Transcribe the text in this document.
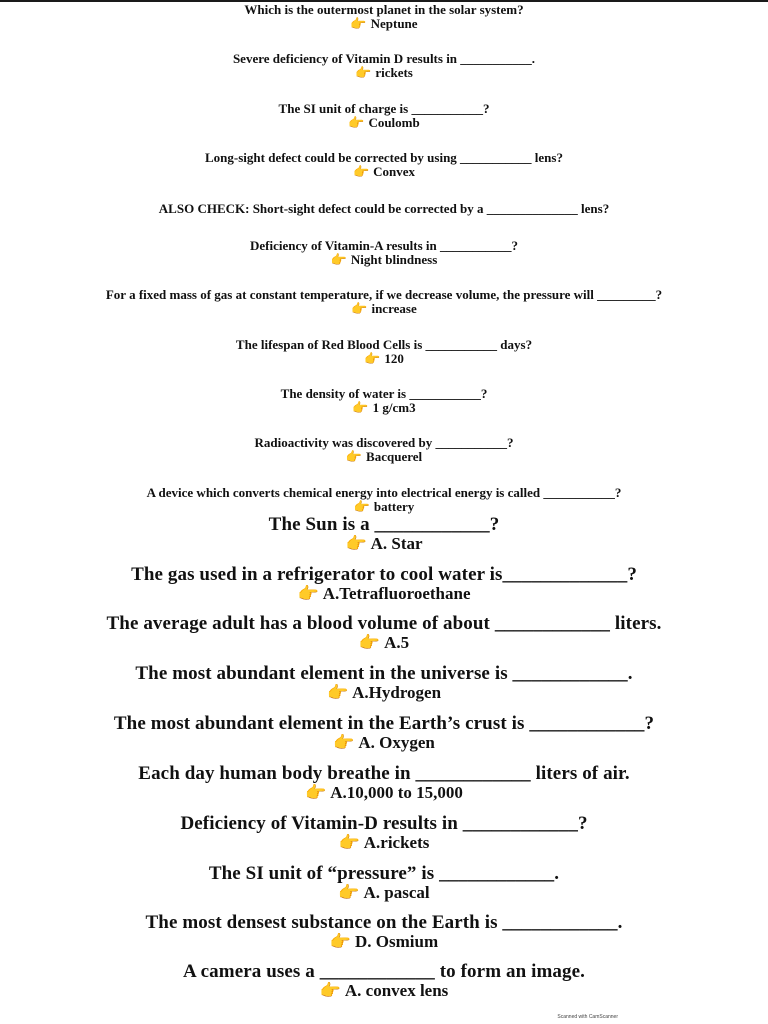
Which is the outermost planet in the solar system?
👉 Neptune
Severe deficiency of Vitamin D results in ___________.
👉 rickets
The SI unit of charge is ___________?
👉 Coulomb
Long-sight defect could be corrected by using ___________ lens?
👉 Convex
ALSO CHECK: Short-sight defect could be corrected by a ______________ lens?
Deficiency of Vitamin-A results in ___________?
👉 Night blindness
For a fixed mass of gas at constant temperature, if we decrease volume, the pressure will _________?
👉 increase
The lifespan of Red Blood Cells is ___________ days?
👉 120
The density of water is ___________?
👉 1 g/cm3
Radioactivity was discovered by ___________?
👉 Bacquerel
A device which converts chemical energy into electrical energy is called ___________?
👉 battery
The Sun is a ____________?
👉 A. Star
The gas used in a refrigerator to cool water is_____________?
👉 A.Tetrafluoroethane
The average adult has a blood volume of about ____________ liters.
👉 A.5
The most abundant element in the universe is ____________.
👉 A.Hydrogen
The most abundant element in the Earth’s crust is ____________?
👉 A. Oxygen
Each day human body breathe in ____________ liters of air.
👉 A.10,000 to 15,000
Deficiency of Vitamin-D results in ____________?
👉 A.rickets
The SI unit of “pressure” is ____________.
👉 A. pascal
The most densest substance on the Earth is ____________.
👉 D. Osmium
A camera uses a ____________ to form an image.
👉 A. convex lens
Scanned with CamScanner
